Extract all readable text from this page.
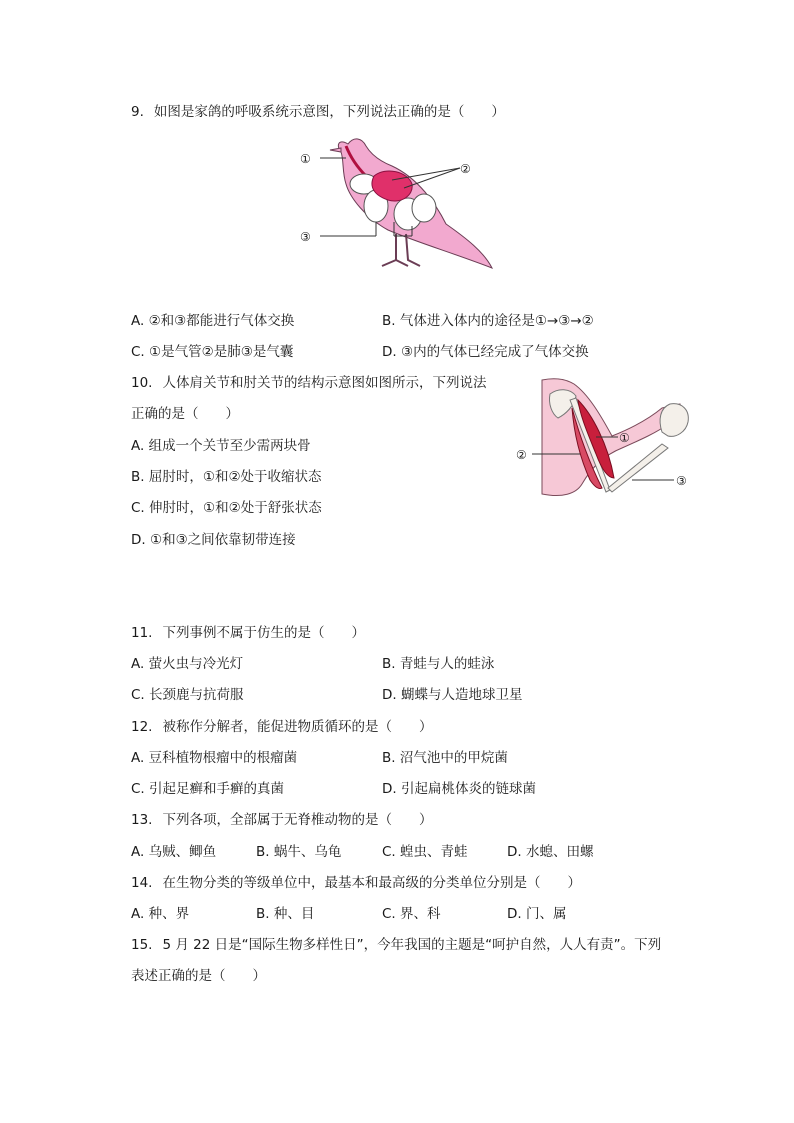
9. 如图是家鸽的呼吸系统示意图，下列说法正确的是（　　）
①
②
③
A. ②和③都能进行气体交换	B. 气体进入体内的途径是①→③→②
C. ①是气管②是肺③是气囊	D. ③内的气体已经完成了气体交换
10. 人体肩关节和肘关节的结构示意图如图所示，下列说法
正确的是（　　）
A. 组成一个关节至少需两块骨
B. 屈肘时，①和②处于收缩状态
C. 伸肘时，①和②处于舒张状态
D. ①和③之间依靠韧带连接
①
②
③
11. 下列事例不属于仿生的是（　　）
A. 萤火虫与冷光灯	B. 青蛙与人的蛙泳
C. 长颈鹿与抗荷服	D. 蝴蝶与人造地球卫星
12. 被称作分解者，能促进物质循环的是（　　）
A. 豆科植物根瘤中的根瘤菌	B. 沼气池中的甲烷菌
C. 引起足癣和手癣的真菌	D. 引起扁桃体炎的链球菌
13. 下列各项，全部属于无脊椎动物的是（　　）
A. 乌贼、鲫鱼	B. 蜗牛、乌龟	C. 蝗虫、青蛙	D. 水螅、田螺
14. 在生物分类的等级单位中，最基本和最高级的分类单位分别是（　　）
A. 种、界	B. 种、目	C. 界、科	D. 门、属
15. 5 月 22 日是“国际生物多样性日”，今年我国的主题是“呵护自然，人人有责”。下列
表述正确的是（　　）
